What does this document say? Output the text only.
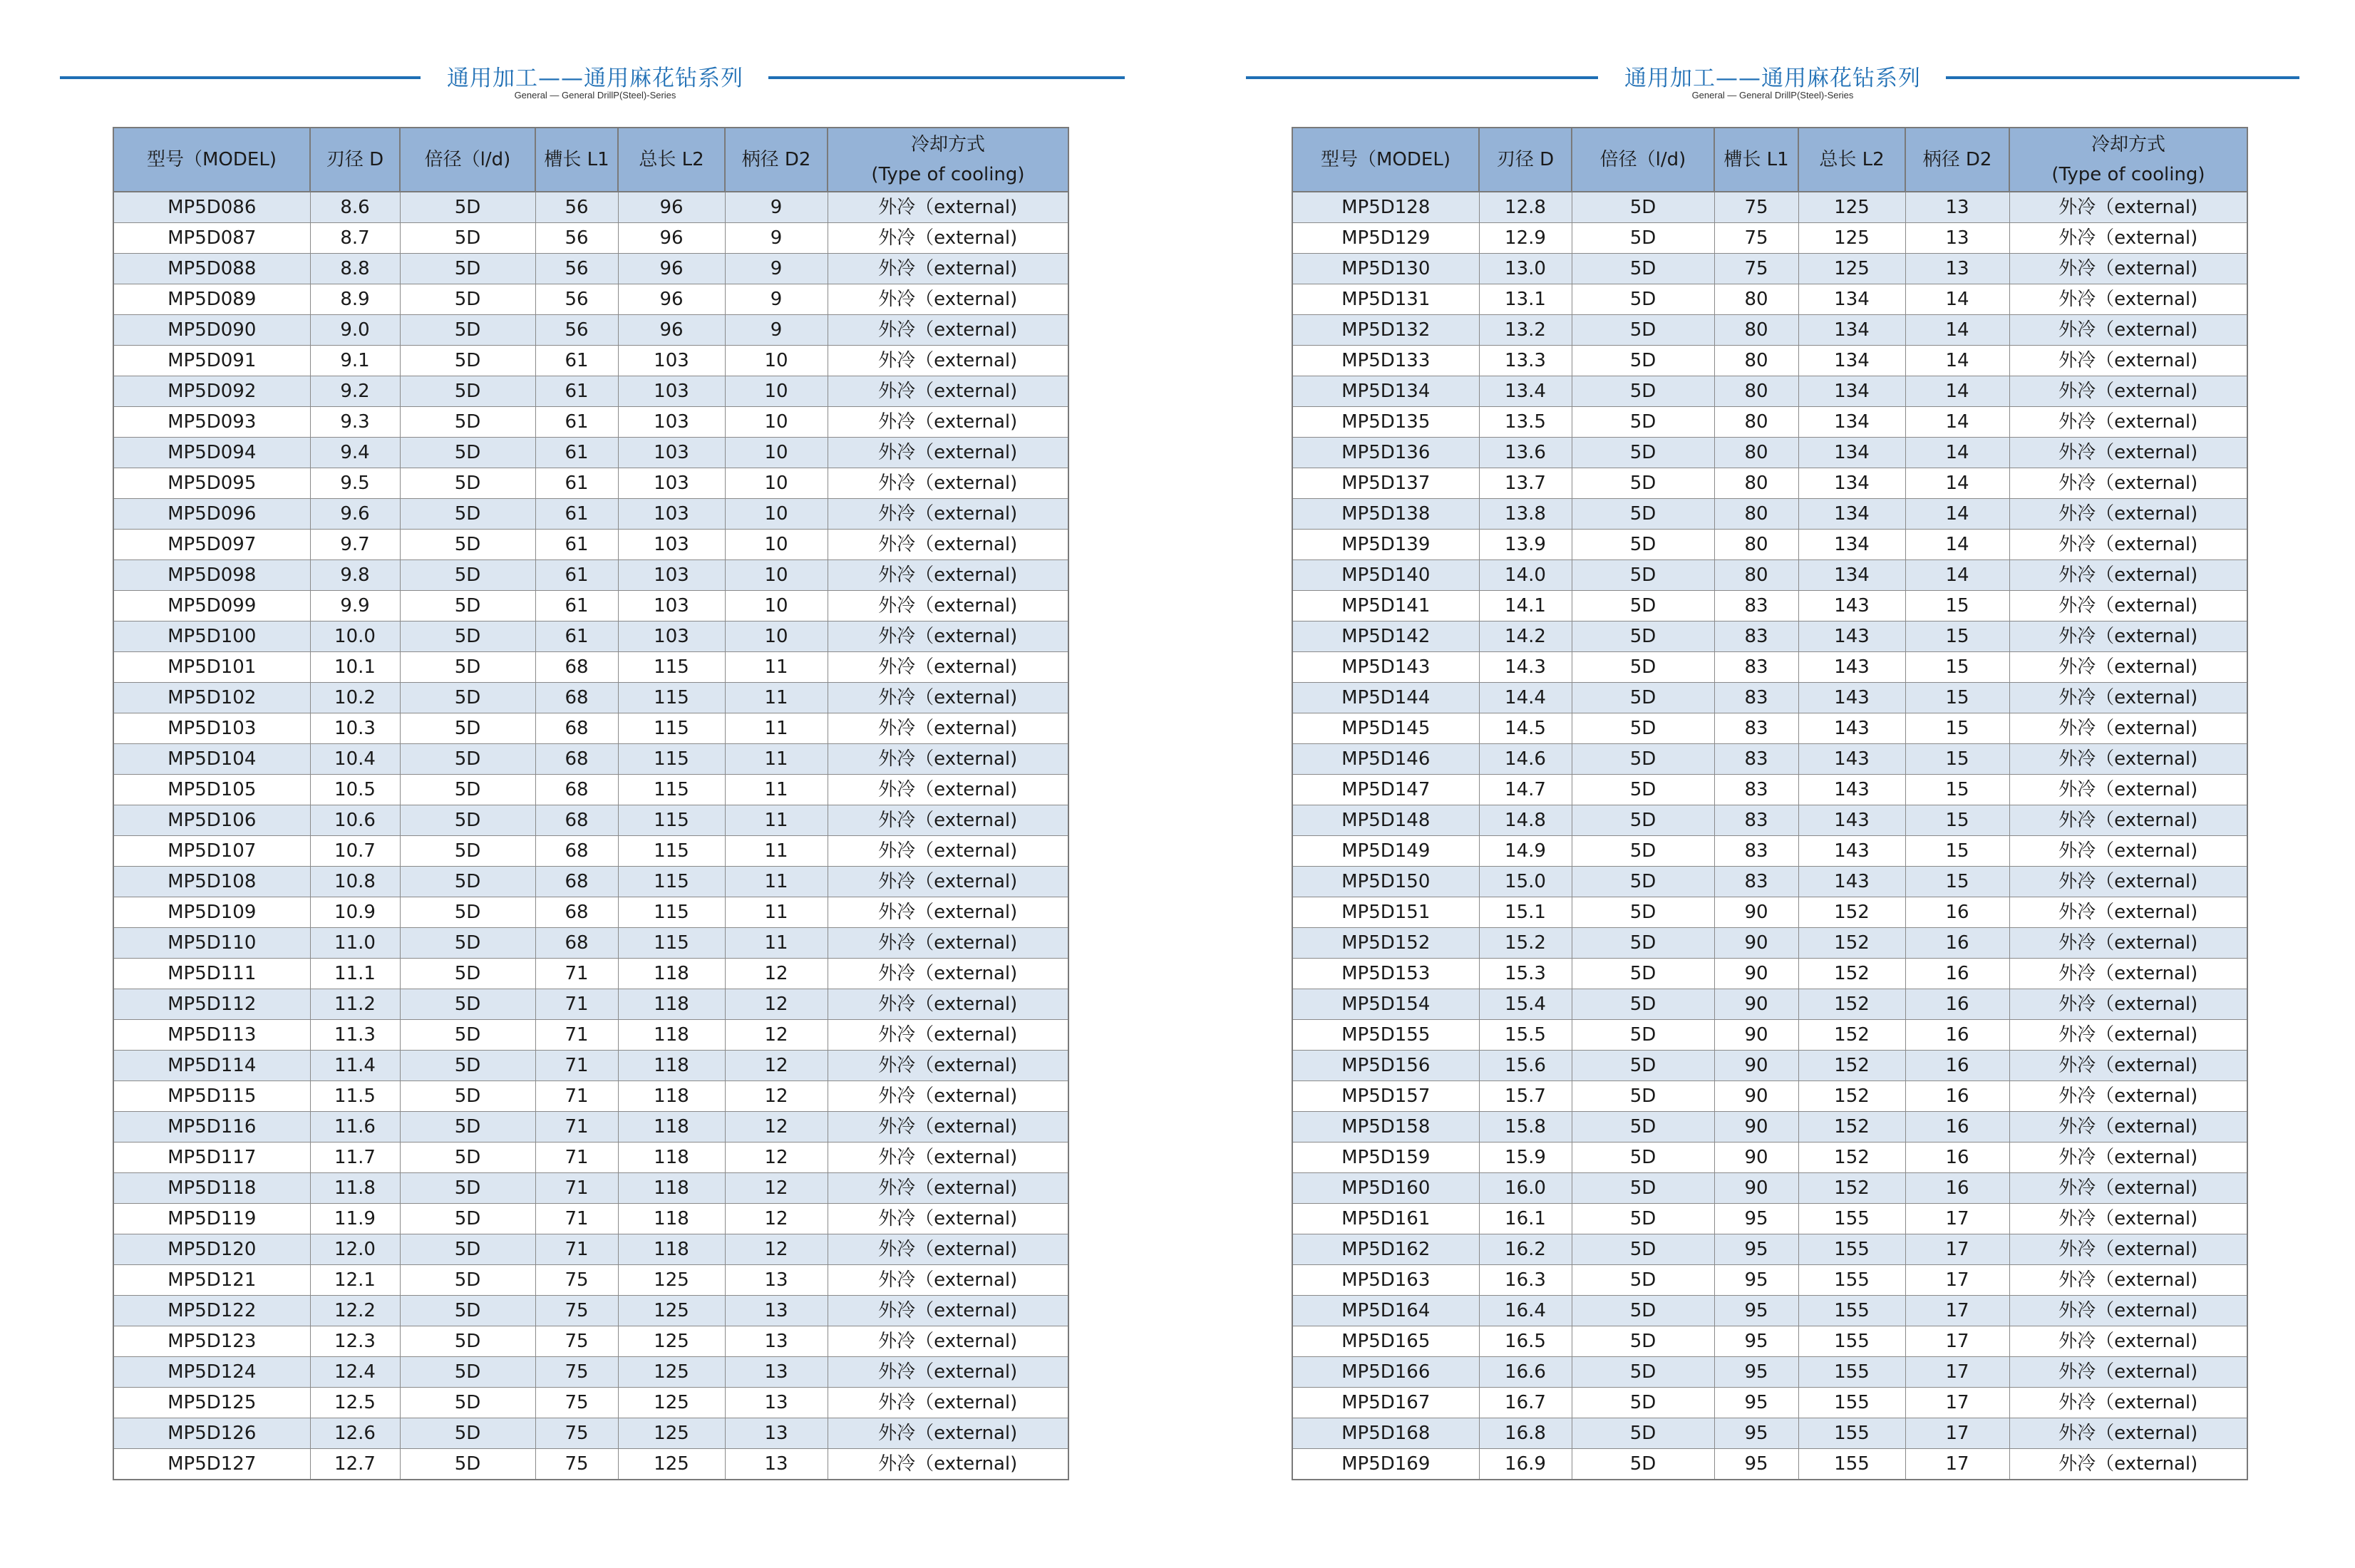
通用加工——通用麻花钻系列
General — General DrillP(Steel)-Series
型号（MODEL)	刃径 D	倍径（l/d)	槽长 L1	总长 L2	柄径 D2	冷却方式
(Type of cooling)
MP5D086	8.6	5D	56	96	9	外冷（external)
MP5D087	8.7	5D	56	96	9	外冷（external)
MP5D088	8.8	5D	56	96	9	外冷（external)
MP5D089	8.9	5D	56	96	9	外冷（external)
MP5D090	9.0	5D	56	96	9	外冷（external)
MP5D091	9.1	5D	61	103	10	外冷（external)
MP5D092	9.2	5D	61	103	10	外冷（external)
MP5D093	9.3	5D	61	103	10	外冷（external)
MP5D094	9.4	5D	61	103	10	外冷（external)
MP5D095	9.5	5D	61	103	10	外冷（external)
MP5D096	9.6	5D	61	103	10	外冷（external)
MP5D097	9.7	5D	61	103	10	外冷（external)
MP5D098	9.8	5D	61	103	10	外冷（external)
MP5D099	9.9	5D	61	103	10	外冷（external)
MP5D100	10.0	5D	61	103	10	外冷（external)
MP5D101	10.1	5D	68	115	11	外冷（external)
MP5D102	10.2	5D	68	115	11	外冷（external)
MP5D103	10.3	5D	68	115	11	外冷（external)
MP5D104	10.4	5D	68	115	11	外冷（external)
MP5D105	10.5	5D	68	115	11	外冷（external)
MP5D106	10.6	5D	68	115	11	外冷（external)
MP5D107	10.7	5D	68	115	11	外冷（external)
MP5D108	10.8	5D	68	115	11	外冷（external)
MP5D109	10.9	5D	68	115	11	外冷（external)
MP5D110	11.0	5D	68	115	11	外冷（external)
MP5D111	11.1	5D	71	118	12	外冷（external)
MP5D112	11.2	5D	71	118	12	外冷（external)
MP5D113	11.3	5D	71	118	12	外冷（external)
MP5D114	11.4	5D	71	118	12	外冷（external)
MP5D115	11.5	5D	71	118	12	外冷（external)
MP5D116	11.6	5D	71	118	12	外冷（external)
MP5D117	11.7	5D	71	118	12	外冷（external)
MP5D118	11.8	5D	71	118	12	外冷（external)
MP5D119	11.9	5D	71	118	12	外冷（external)
MP5D120	12.0	5D	71	118	12	外冷（external)
MP5D121	12.1	5D	75	125	13	外冷（external)
MP5D122	12.2	5D	75	125	13	外冷（external)
MP5D123	12.3	5D	75	125	13	外冷（external)
MP5D124	12.4	5D	75	125	13	外冷（external)
MP5D125	12.5	5D	75	125	13	外冷（external)
MP5D126	12.6	5D	75	125	13	外冷（external)
MP5D127	12.7	5D	75	125	13	外冷（external)
通用加工——通用麻花钻系列
General — General DrillP(Steel)-Series
型号（MODEL)	刃径 D	倍径（l/d)	槽长 L1	总长 L2	柄径 D2	冷却方式
(Type of cooling)
MP5D128	12.8	5D	75	125	13	外冷（external)
MP5D129	12.9	5D	75	125	13	外冷（external)
MP5D130	13.0	5D	75	125	13	外冷（external)
MP5D131	13.1	5D	80	134	14	外冷（external)
MP5D132	13.2	5D	80	134	14	外冷（external)
MP5D133	13.3	5D	80	134	14	外冷（external)
MP5D134	13.4	5D	80	134	14	外冷（external)
MP5D135	13.5	5D	80	134	14	外冷（external)
MP5D136	13.6	5D	80	134	14	外冷（external)
MP5D137	13.7	5D	80	134	14	外冷（external)
MP5D138	13.8	5D	80	134	14	外冷（external)
MP5D139	13.9	5D	80	134	14	外冷（external)
MP5D140	14.0	5D	80	134	14	外冷（external)
MP5D141	14.1	5D	83	143	15	外冷（external)
MP5D142	14.2	5D	83	143	15	外冷（external)
MP5D143	14.3	5D	83	143	15	外冷（external)
MP5D144	14.4	5D	83	143	15	外冷（external)
MP5D145	14.5	5D	83	143	15	外冷（external)
MP5D146	14.6	5D	83	143	15	外冷（external)
MP5D147	14.7	5D	83	143	15	外冷（external)
MP5D148	14.8	5D	83	143	15	外冷（external)
MP5D149	14.9	5D	83	143	15	外冷（external)
MP5D150	15.0	5D	83	143	15	外冷（external)
MP5D151	15.1	5D	90	152	16	外冷（external)
MP5D152	15.2	5D	90	152	16	外冷（external)
MP5D153	15.3	5D	90	152	16	外冷（external)
MP5D154	15.4	5D	90	152	16	外冷（external)
MP5D155	15.5	5D	90	152	16	外冷（external)
MP5D156	15.6	5D	90	152	16	外冷（external)
MP5D157	15.7	5D	90	152	16	外冷（external)
MP5D158	15.8	5D	90	152	16	外冷（external)
MP5D159	15.9	5D	90	152	16	外冷（external)
MP5D160	16.0	5D	90	152	16	外冷（external)
MP5D161	16.1	5D	95	155	17	外冷（external)
MP5D162	16.2	5D	95	155	17	外冷（external)
MP5D163	16.3	5D	95	155	17	外冷（external)
MP5D164	16.4	5D	95	155	17	外冷（external)
MP5D165	16.5	5D	95	155	17	外冷（external)
MP5D166	16.6	5D	95	155	17	外冷（external)
MP5D167	16.7	5D	95	155	17	外冷（external)
MP5D168	16.8	5D	95	155	17	外冷（external)
MP5D169	16.9	5D	95	155	17	外冷（external)
